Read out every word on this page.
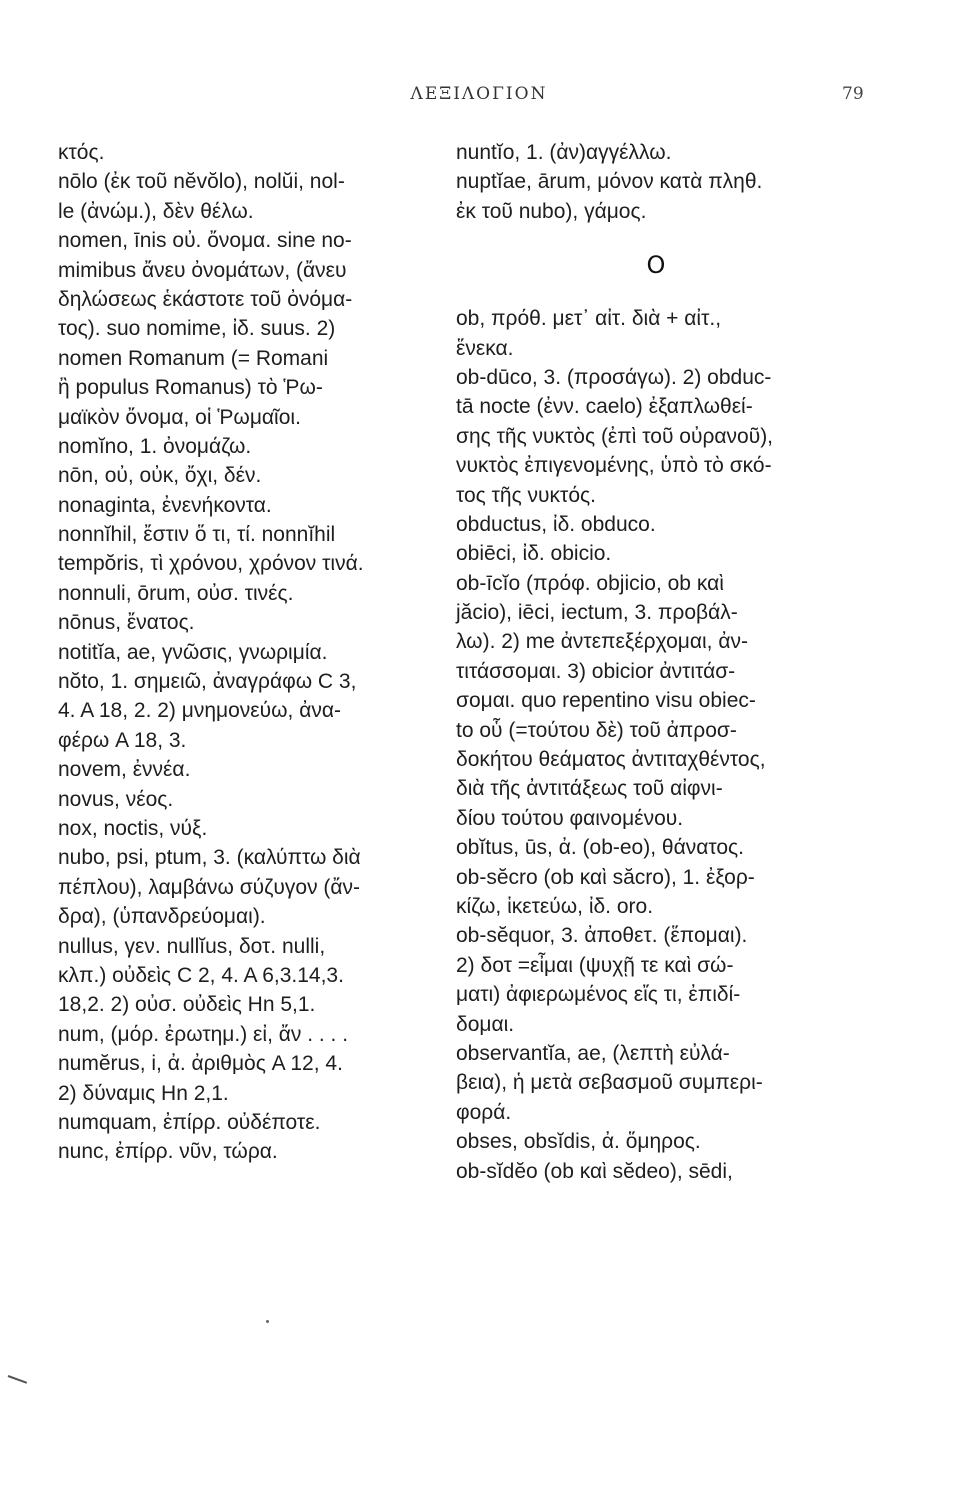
ΛΕΞΙΛΟΓΙΟΝ	79
κτός.
nōlo (ἐκ τοῦ nĕvŏlo), nolŭi, nol-
le (ἀνώμ.), δὲν θέλω.
nomen, īnis οὐ. ὄνομα. sine no-
mimibus ἄνευ ὀνομάτων, (ἄνευ
δηλώσεως ἑκάστοτε τοῦ ὀνόμα-
τος). suo nomime, ἰδ. suus. 2)
nomen Romanum (= Romani
ἢ populus Romanus) τὸ Ῥω-
μαϊκὸν ὄνομα, οἱ Ῥωμαῖοι.
nomĭno, 1. ὀνομάζω.
nōn, οὐ, οὐκ, ὄχι, δέν.
nonaginta, ἐνενήκοντα.
nonnĭhil, ἔστιν ὅ τι, τί. nonnĭhil
tempŏris, τὶ χρόνου, χρόνον τινά.
nonnuli, ōrum, οὐσ. τινές.
nōnus, ἔνατος.
notitĭa, ae, γνῶσις, γνωριμία.
nŏto, 1. σημειῶ, ἀναγράφω C 3,
4. A 18, 2. 2) μνημονεύω, ἀνα-
φέρω A 18, 3.
novem, ἐννέα.
novus, νέος.
nox, noctis, νύξ.
nubo, psi, ptum, 3. (καλύπτω διὰ
πέπλου), λαμβάνω σύζυγον (ἄν-
δρα), (ὑπανδρεύομαι).
nullus, γεν. nullĭus, δοτ. nulli,
κλπ.) οὐδεὶς C 2, 4. A 6,3.14,3.
18,2. 2) οὐσ. οὐδεὶς Hn 5,1.
num, (μόρ. ἐρωτημ.) εἰ, ἄν . . . .
numĕrus, i, ἀ. ἀριθμὸς A 12, 4.
2) δύναμις Hn 2,1.
numquam, ἐπίρρ. οὐδέποτε.
nunc, ἐπίρρ. νῦν, τώρα.
nuntĭo, 1. (ἀν)αγγέλλω.
nuptĭae, ārum, μόνον κατὰ πληθ.
ἐκ τοῦ nubo), γάμος.
O
ob, πρόθ. μετ᾽ αἰτ. διὰ + αἰτ.,
ἕνεκα.
ob-dūco, 3. (προσάγω). 2) obduc-
tā nocte (ἐνν. caelo) ἐξαπλωθεί-
σης τῆς νυκτὸς (ἐπὶ τοῦ οὐρανοῦ),
νυκτὸς ἐπιγενομένης, ὑπὸ τὸ σκό-
τος τῆς νυκτός.
obductus, ἰδ. obduco.
obiēci, ἰδ. obicio.
ob-īcĭo (πρόφ. objicio, ob καὶ
jăcio), iēci, iectum, 3. προβάλ-
λω). 2) me ἀντεπεξέρχομαι, ἀν-
τιτάσσομαι. 3) obicior ἀντιτάσ-
σομαι. quo repentino visu obiec-
to οὗ (=τούτου δὲ) τοῦ ἀπροσ-
δοκήτου θεάματος ἀντιταχθέντος,
διὰ τῆς ἀντιτάξεως τοῦ αἰφνι-
δίου τούτου φαινομένου.
obĭtus, ūs, ἀ. (ob-eo), θάνατος.
ob-sĕcro (ob καὶ săcro), 1. ἐξορ-
κίζω, ἱκετεύω, ἰδ. oro.
ob-sĕquor, 3. ἀποθετ. (ἕπομαι).
2) δοτ =εἶμαι (ψυχῇ τε καὶ σώ-
ματι) ἀφιερωμένος εἴς τι, ἐπιδί-
δομαι.
observantĭa, ae, (λεπτὴ εὐλά-
βεια), ἡ μετὰ σεβασμοῦ συμπερι-
φορά.
obses, obsĭdis, ἀ. ὅμηρος.
ob-sĭdĕo (ob καὶ sĕdeo), sēdi,
